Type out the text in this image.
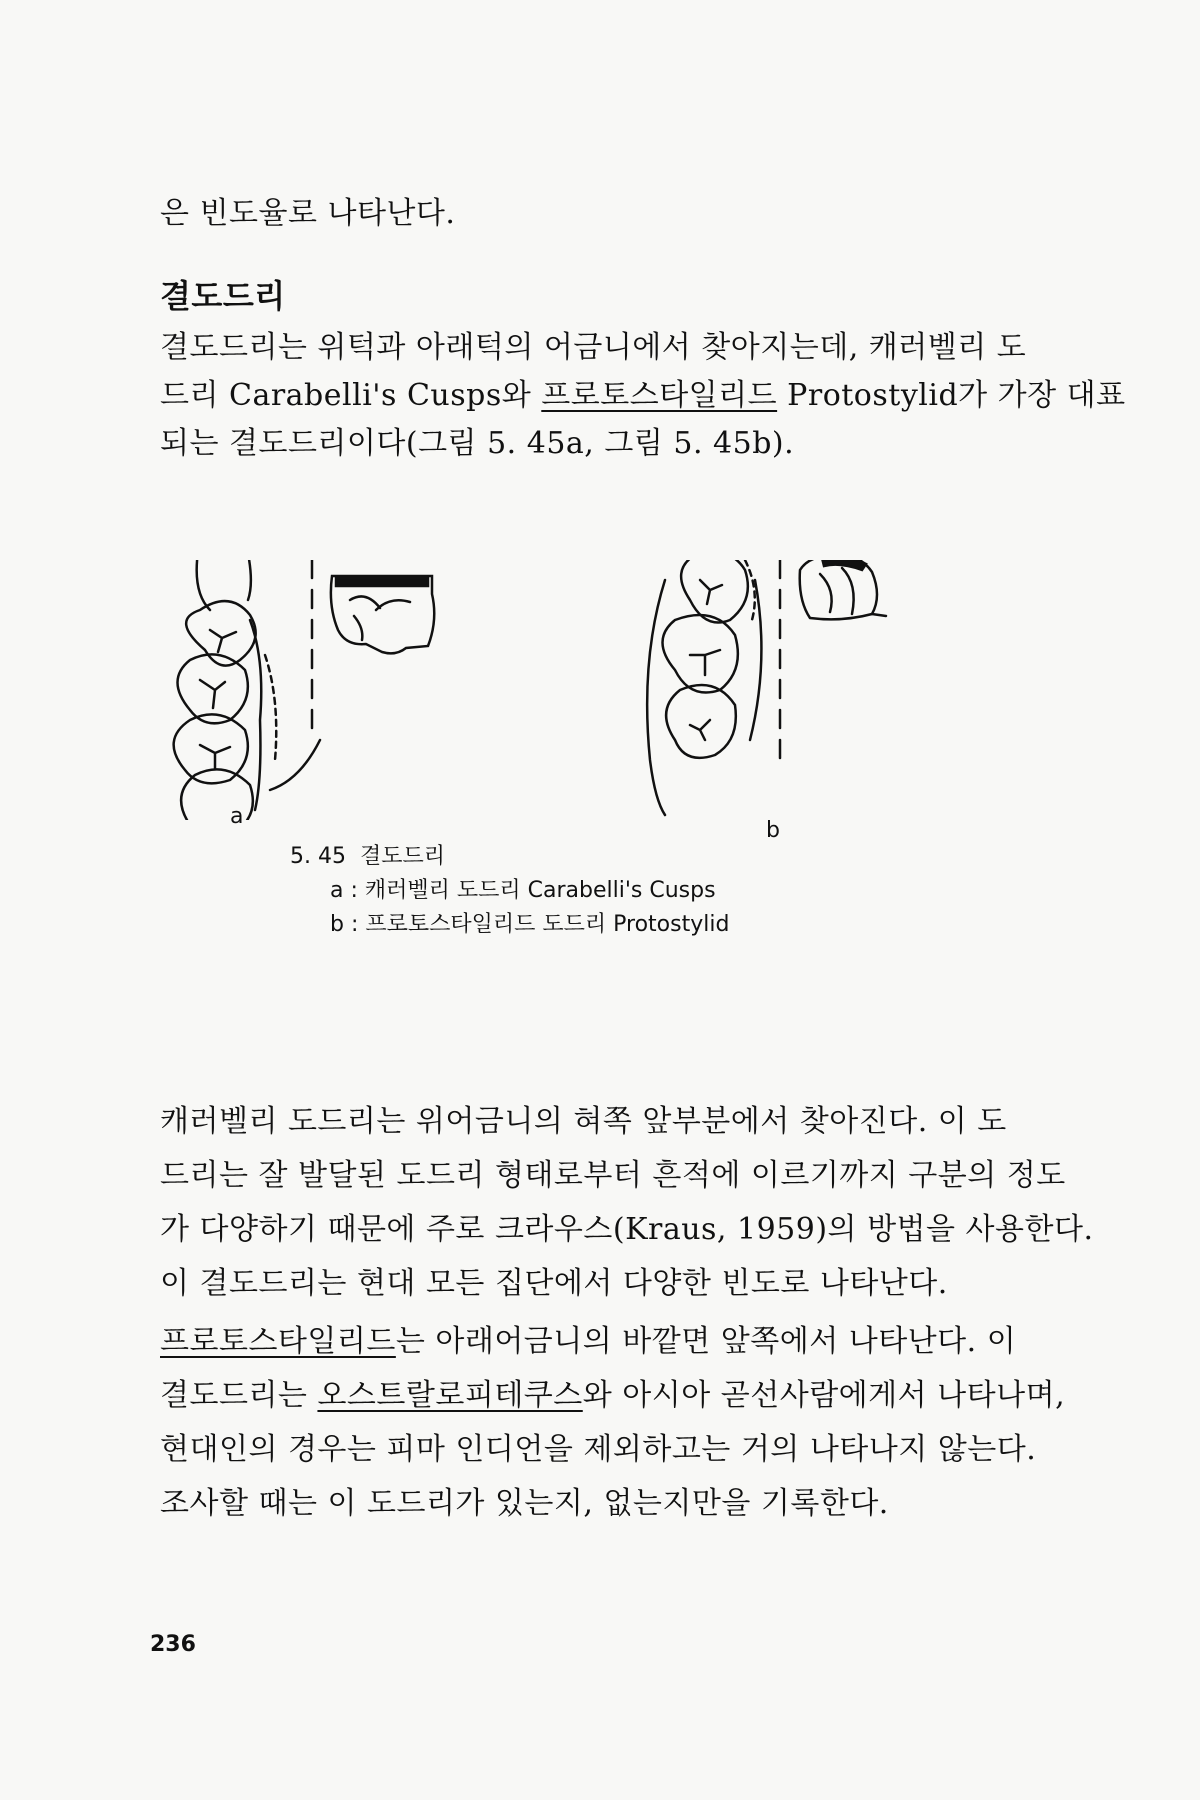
은 빈도율로 나타난다.
결도드리
결도드리는 위턱과 아래턱의 어금니에서 찾아지는데, 캐러벨리 도
드리 Carabelli's Cusps와 프로토스타일리드 Protostylid가 가장 대표
되는 결도드리이다(그림 5. 45a, 그림 5. 45b).
a
b
5. 45 결도드리
a : 캐러벨리 도드리 Carabelli's Cusps
b : 프로토스타일리드 도드리 Protostylid
캐러벨리 도드리는 위어금니의 혀쪽 앞부분에서 찾아진다. 이 도
드리는 잘 발달된 도드리 형태로부터 흔적에 이르기까지 구분의 정도
가 다양하기 때문에 주로 크라우스(Kraus, 1959)의 방법을 사용한다.
이 결도드리는 현대 모든 집단에서 다양한 빈도로 나타난다.
프로토스타일리드는 아래어금니의 바깥면 앞쪽에서 나타난다. 이
결도드리는 오스트랄로피테쿠스와 아시아 곧선사람에게서 나타나며,
현대인의 경우는 피마 인디언을 제외하고는 거의 나타나지 않는다.
조사할 때는 이 도드리가 있는지, 없는지만을 기록한다.
236
